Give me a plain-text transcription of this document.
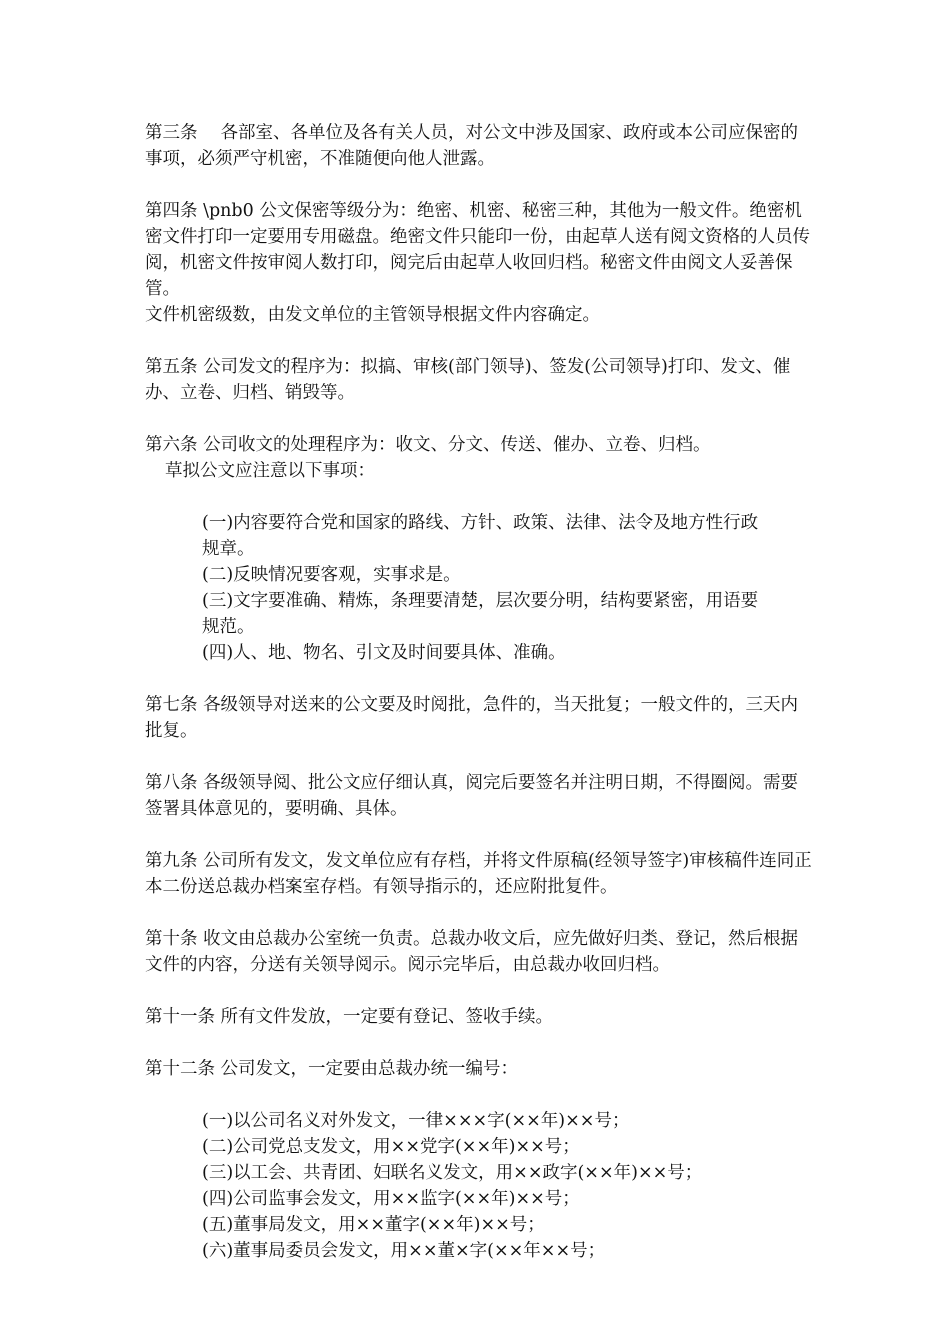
第三条　 各部室、各单位及各有关人员，对公文中涉及国家、政府或本公司应保密的事项，必须严守机密，不准随便向他人泄露。

第四条 \pnb0 公文保密等级分为：绝密、机密、秘密三种，其他为一般文件。绝密机密文件打印一定要用专用磁盘。绝密文件只能印一份，由起草人送有阅文资格的人员传阅，机密文件按审阅人数打印，阅完后由起草人收回归档。秘密文件由阅文人妥善保管。

文件机密级数，由发文单位的主管领导根据文件内容确定。

第五条 公司发文的程序为：拟搞、审核(部门领导)、签发(公司领导)打印、发文、催办、立卷、归档、销毁等。

第六条 公司收文的处理程序为：收文、分文、传送、催办、立卷、归档。

草拟公文应注意以下事项：

(一)内容要符合党和国家的路线、方针、政策、法律、法令及地方性行政规章。

(二)反映情况要客观，实事求是。

(三)文字要准确、精炼，条理要清楚，层次要分明，结构要紧密，用语要规范。

(四)人、地、物名、引文及时间要具体、准确。

第七条 各级领导对送来的公文要及时阅批，急件的，当天批复；一般文件的，三天内批复。

第八条 各级领导阅、批公文应仔细认真，阅完后要签名并注明日期，不得圈阅。需要签署具体意见的，要明确、具体。

第九条 公司所有发文，发文单位应有存档，并将文件原稿(经领导签字)审核稿件连同正本二份送总裁办档案室存档。有领导指示的，还应附批复件。

第十条 收文由总裁办公室统一负责。总裁办收文后，应先做好归类、登记，然后根据文件的内容，分送有关领导阅示。阅示完毕后，由总裁办收回归档。

第十一条 所有文件发放，一定要有登记、签收手续。

第十二条 公司发文，一定要由总裁办统一编号：

(一)以公司名义对外发文，一律×××字(××年)××号；

(二)公司党总支发文，用××党字(××年)××号；

(三)以工会、共青团、妇联名义发文，用××政字(××年)××号；

(四)公司监事会发文，用××监字(××年)××号；

(五)董事局发文，用××董字(××年)××号；

(六)董事局委员会发文，用××董×字(××年××号；
